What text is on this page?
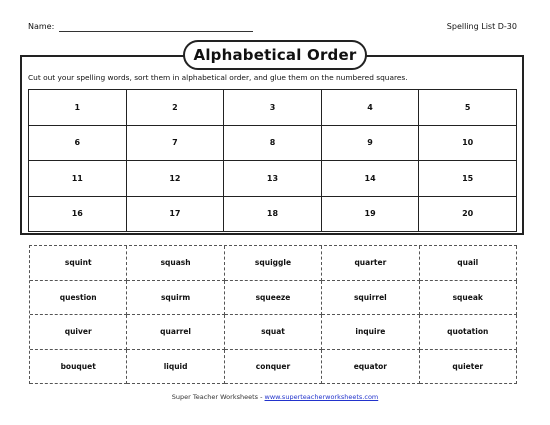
Name:	Spelling List D-30
Alphabetical Order
Cut out your spelling words, sort them in alphabetical order, and glue them on the numbered squares.
1	2	3	4	5
6	7	8	9	10
11	12	13	14	15
16	17	18	19	20
squint	squash	squiggle	quarter	quail
question	squirm	squeeze	squirrel	squeak
quiver	quarrel	squat	inquire	quotation
bouquet	liquid	conquer	equator	quieter
Super Teacher Worksheets - www.superteacherworksheets.com
